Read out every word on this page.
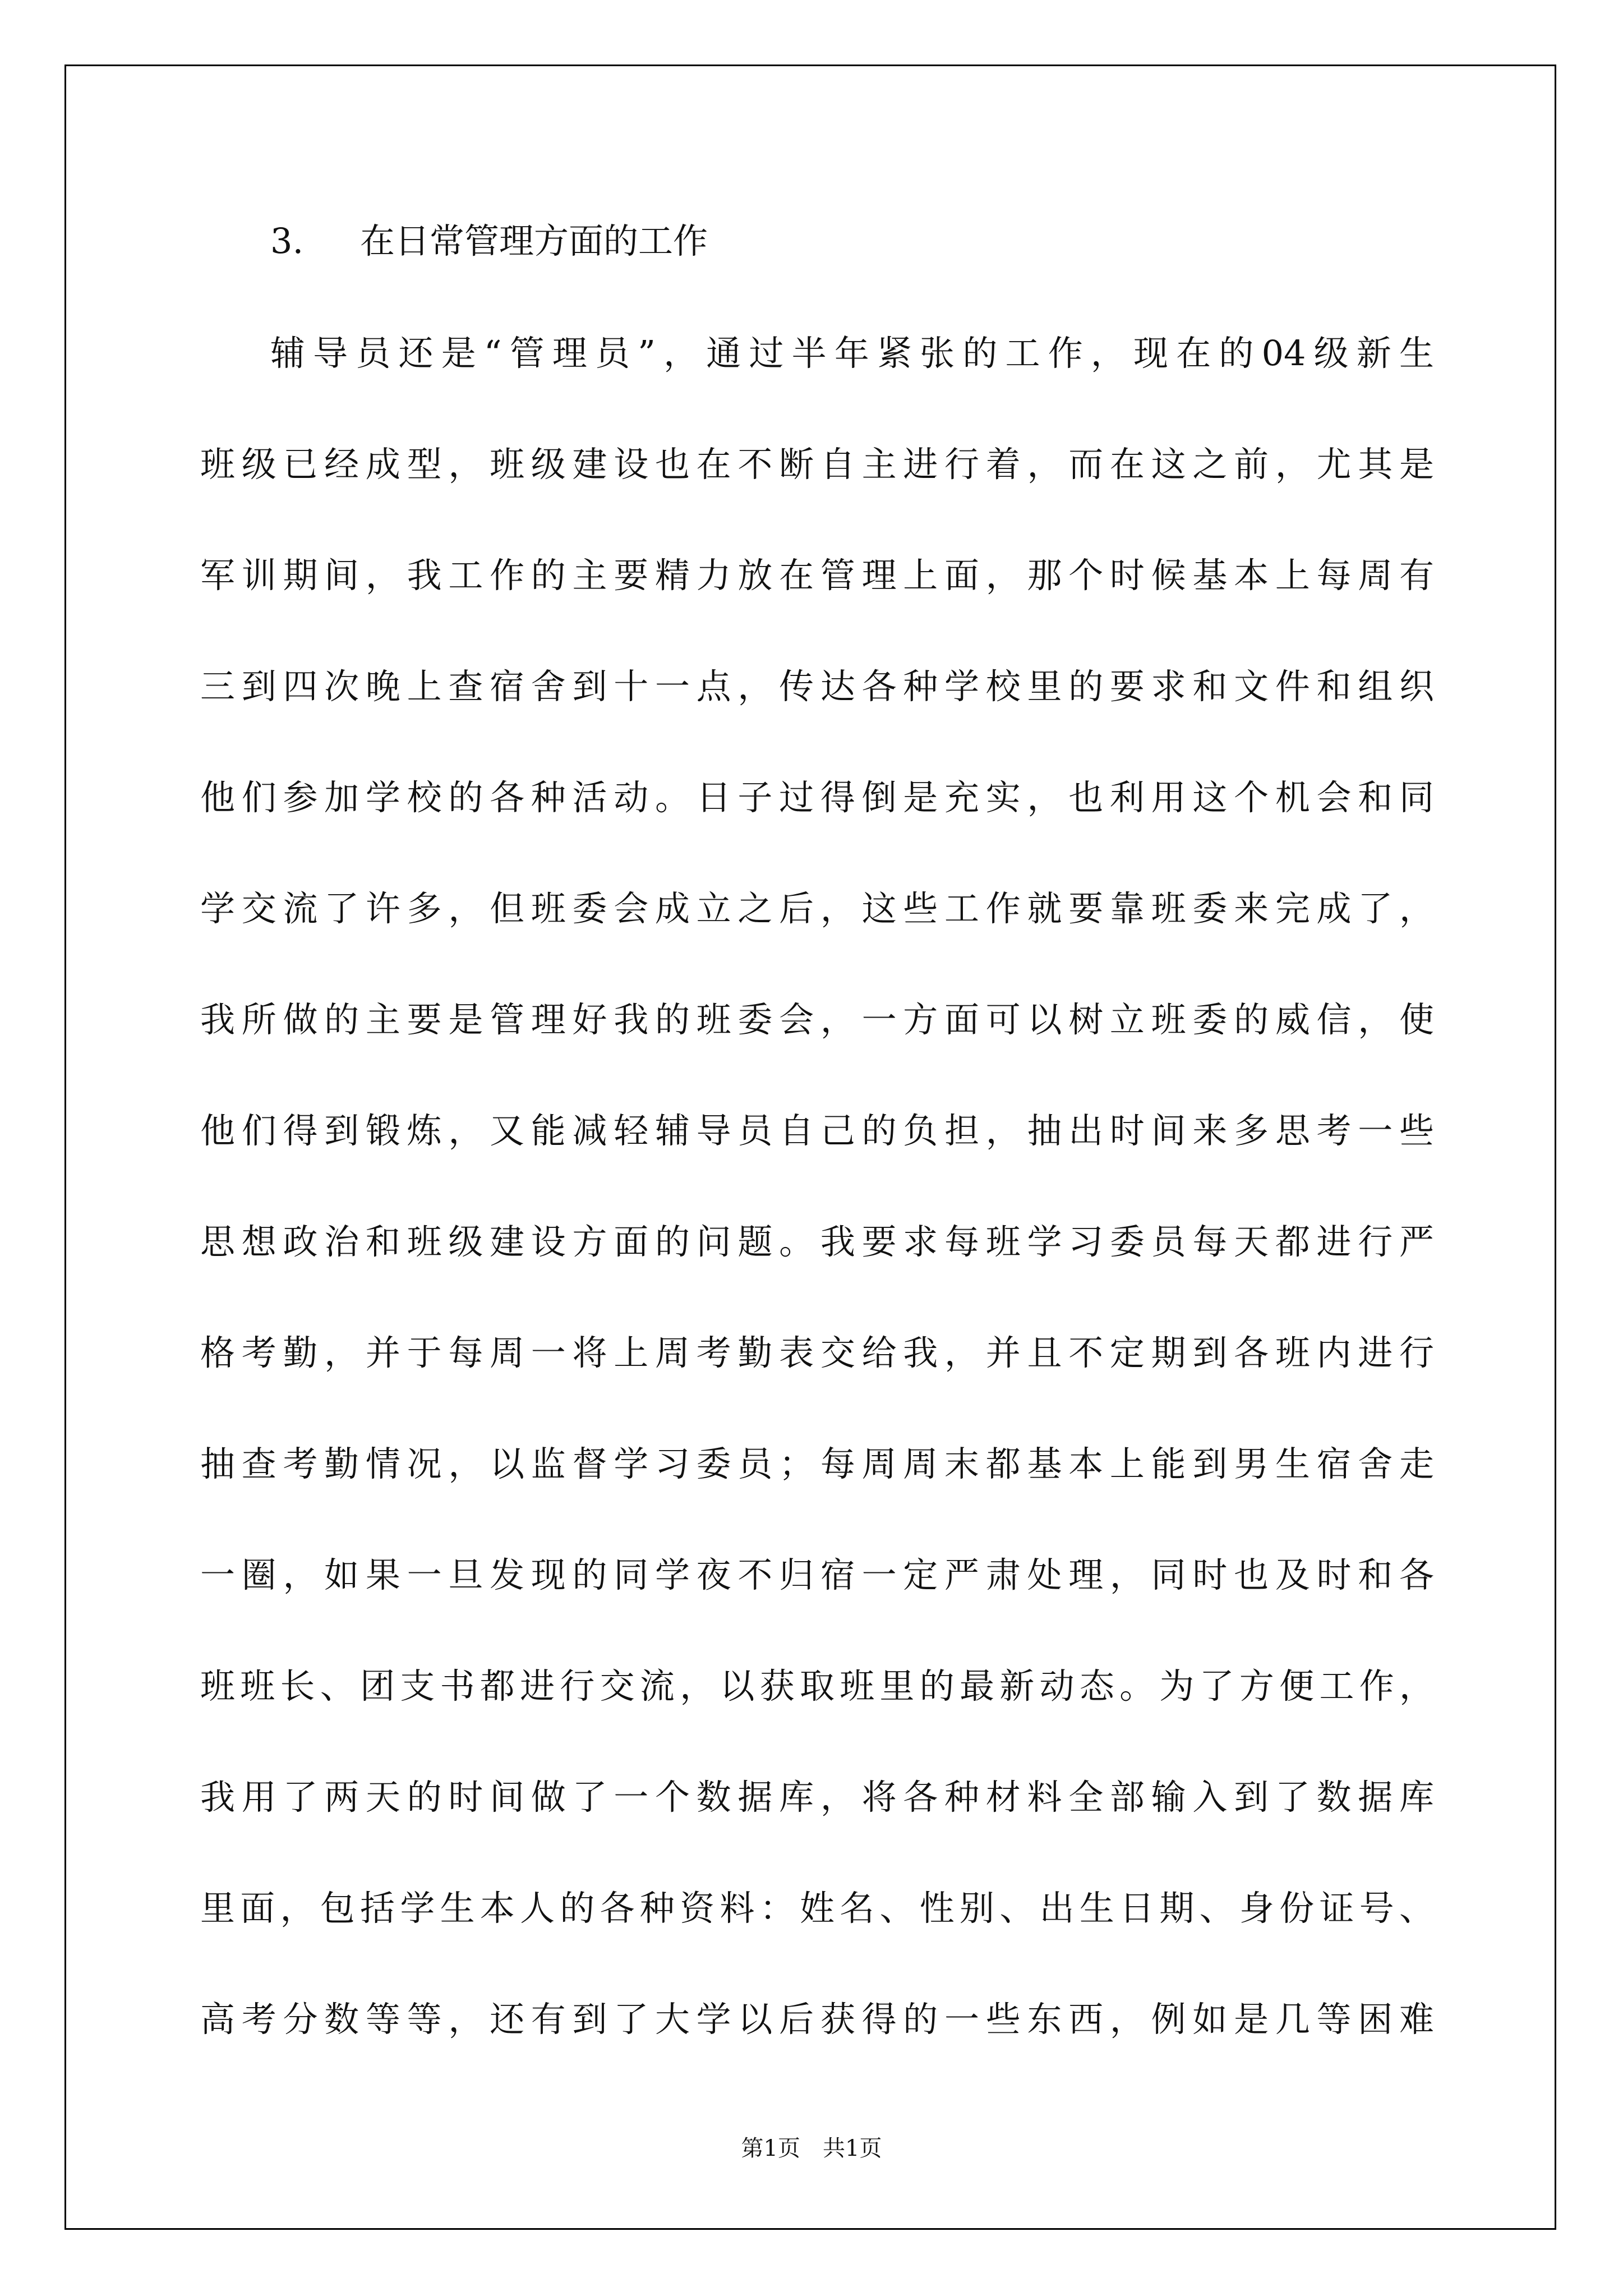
3. 在日常管理方面的工作
辅导员还是“管理员”，通过半年紧张的工作，现在的04级新生
班级已经成型，班级建设也在不断自主进行着，而在这之前，尤其是
军训期间，我工作的主要精力放在管理上面，那个时候基本上每周有
三到四次晚上查宿舍到十一点，传达各种学校里的要求和文件和组织
他们参加学校的各种活动。日子过得倒是充实，也利用这个机会和同
学交流了许多，但班委会成立之后，这些工作就要靠班委来完成了，
我所做的主要是管理好我的班委会，一方面可以树立班委的威信，使
他们得到锻炼，又能减轻辅导员自己的负担，抽出时间来多思考一些
思想政治和班级建设方面的问题。我要求每班学习委员每天都进行严
格考勤，并于每周一将上周考勤表交给我，并且不定期到各班内进行
抽查考勤情况，以监督学习委员；每周周末都基本上能到男生宿舍走
一圈，如果一旦发现的同学夜不归宿一定严肃处理，同时也及时和各
班班长、团支书都进行交流，以获取班里的最新动态。为了方便工作，
我用了两天的时间做了一个数据库，将各种材料全部输入到了数据库
里面，包括学生本人的各种资料：姓名、性别、出生日期、身份证号、
高考分数等等，还有到了大学以后获得的一些东西，例如是几等困难
第1页　共1页
